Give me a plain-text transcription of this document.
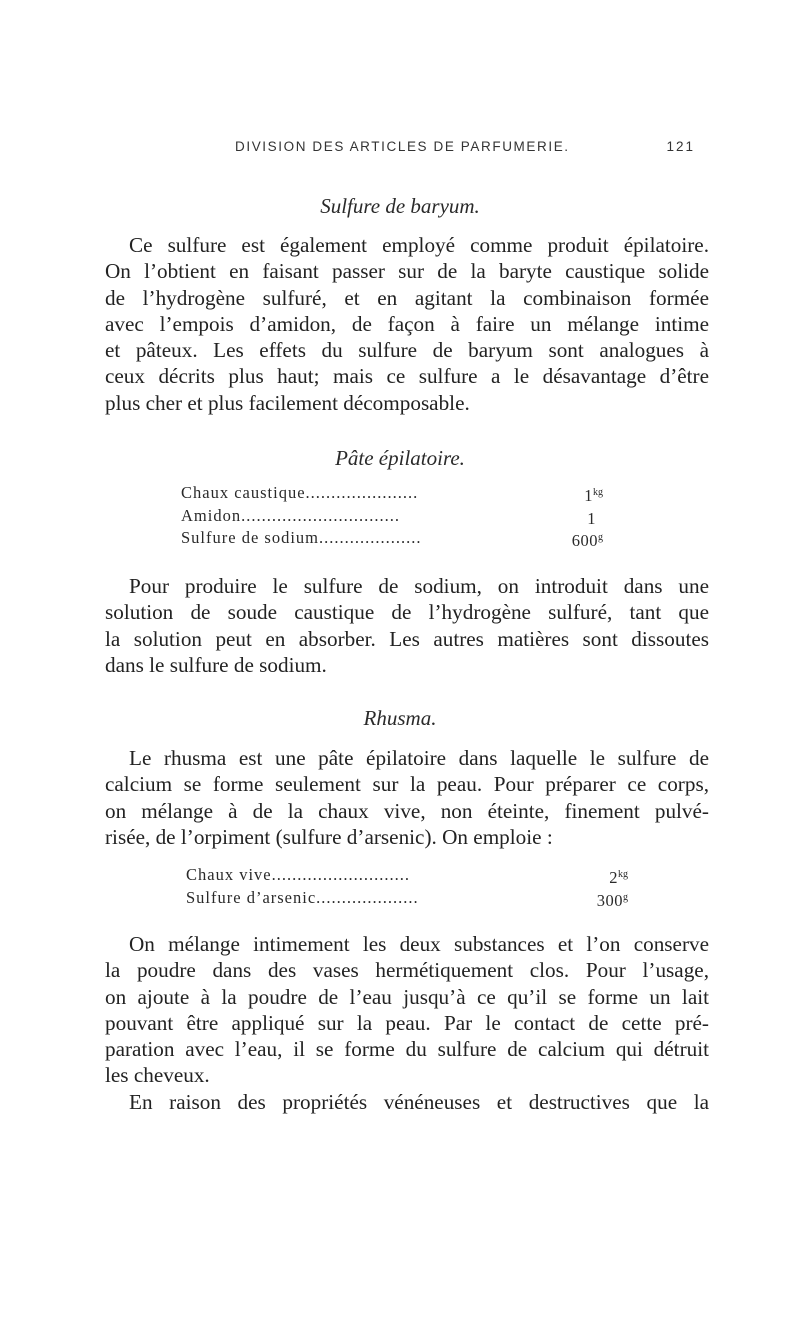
DIVISION DES ARTICLES DE PARFUMERIE.	121
Sulfure de baryum.
Ce sulfure est également employé comme produit épilatoire.
On l’obtient en faisant passer sur de la baryte caustique solide
de l’hydrogène sulfuré, et en agitant la combinaison formée
avec l’empois d’amidon, de façon à faire un mélange intime
et pâteux. Les effets du sulfure de baryum sont analogues à
ceux décrits plus haut; mais ce sulfure a le désavantage d’être
plus cher et plus facilement décomposable.
Pâte épilatoire.
Chaux caustique......................	$1^{kg}$
Amidon...............................	1
Sulfure de sodium....................	600$^g$
Pour produire le sulfure de sodium, on introduit dans une
solution de soude caustique de l’hydrogène sulfuré, tant que
la solution peut en absorber. Les autres matières sont dissoutes
dans le sulfure de sodium.
Rhusma.
Le rhusma est une pâte épilatoire dans laquelle le sulfure de
calcium se forme seulement sur la peau. Pour préparer ce corps,
on mélange à de la chaux vive, non éteinte, finement pulvé-
risée, de l’orpiment (sulfure d’arsenic). On emploie :
Chaux vive...........................	$2^{kg}$
Sulfure d’arsenic....................	300$^g$
On mélange intimement les deux substances et l’on conserve
la poudre dans des vases hermétiquement clos. Pour l’usage,
on ajoute à la poudre de l’eau jusqu’à ce qu’il se forme un lait
pouvant être appliqué sur la peau. Par le contact de cette pré-
paration avec l’eau, il se forme du sulfure de calcium qui détruit
les cheveux.
En raison des propriétés vénéneuses et destructives que la
